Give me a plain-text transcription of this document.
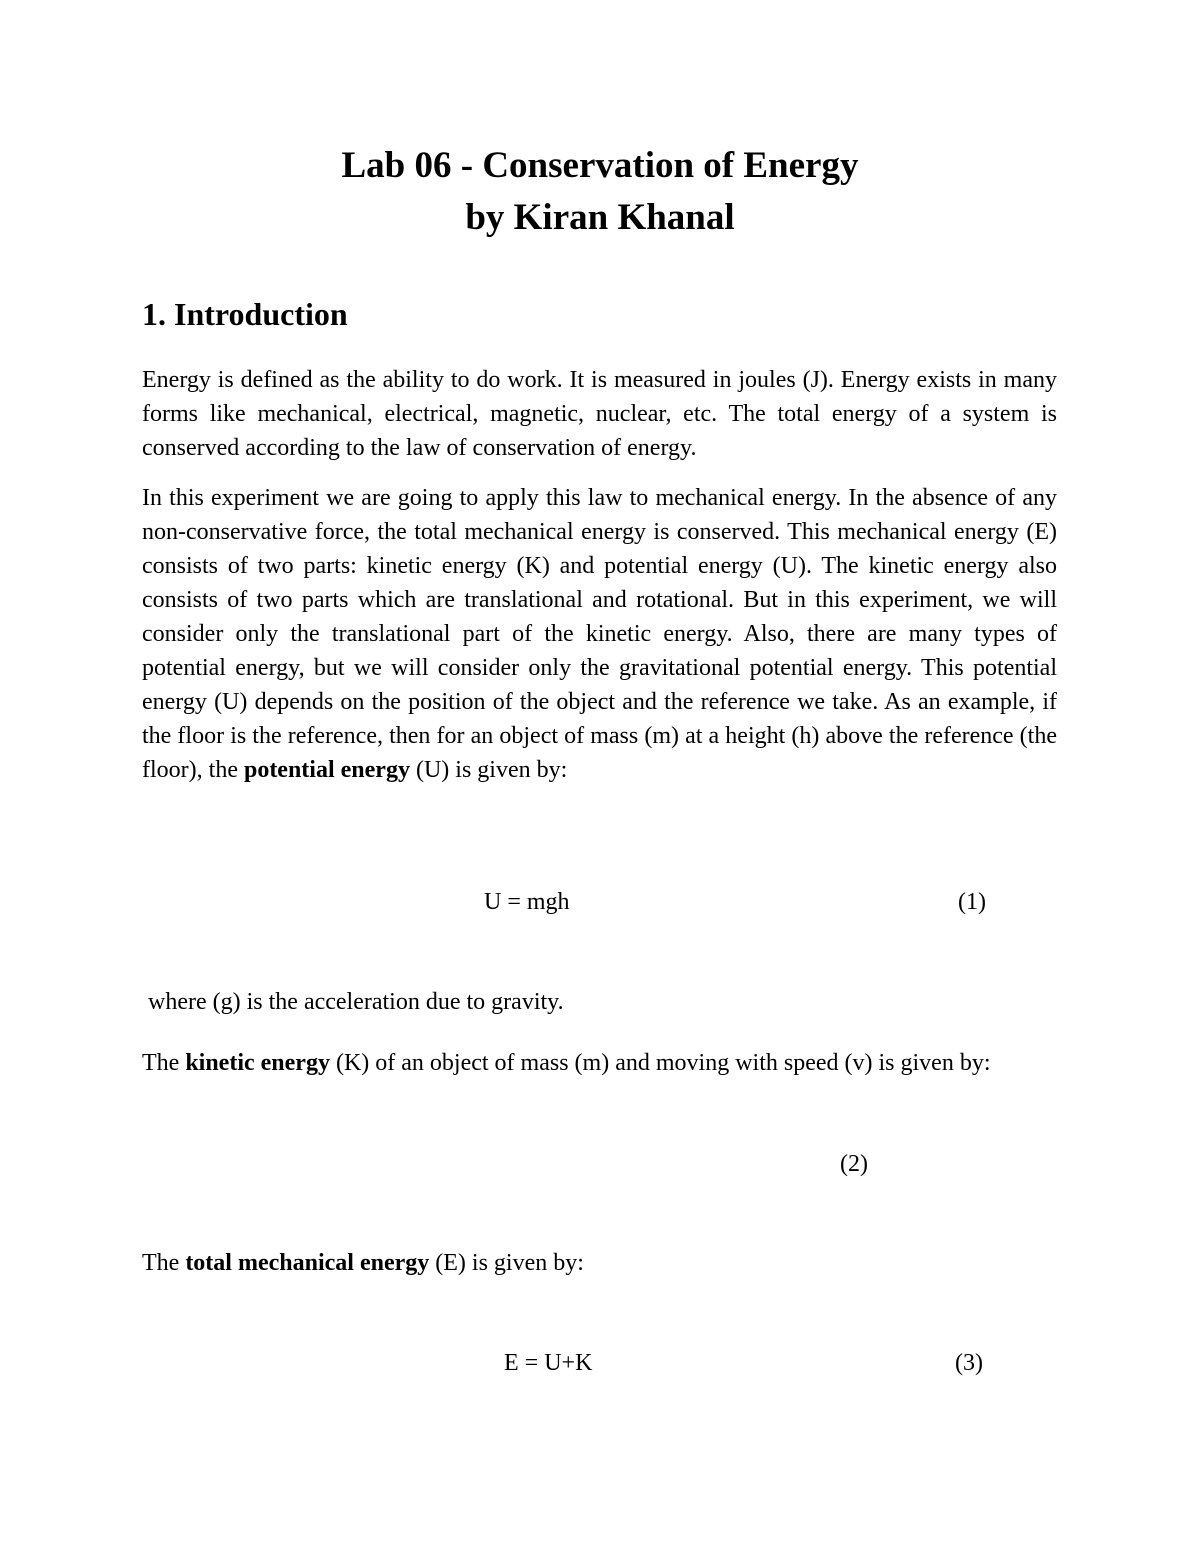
Lab 06 - Conservation of Energy
by Kiran Khanal
1. Introduction

Energy is defined as the ability to do work. It is measured in joules (J). Energy exists in many forms like mechanical, electrical, magnetic, nuclear, etc. The total energy of a system is conserved according to the law of conservation of energy.

In this experiment we are going to apply this law to mechanical energy. In the absence of any non-conservative force, the total mechanical energy is conserved. This mechanical energy (E) consists of two parts: kinetic energy (K) and potential energy (U). The kinetic energy also consists of two parts which are translational and rotational. But in this experiment, we will consider only the translational part of the kinetic energy. Also, there are many types of potential energy, but we will consider only the gravitational potential energy. This potential energy (U) depends on the position of the object and the reference we take. As an example, if the floor is the reference, then for an object of mass (m) at a height (h) above the reference (the floor), the potential energy (U) is given by:

U = mgh	(1)

where (g) is the acceleration due to gravity.

The kinetic energy (K) of an object of mass (m) and moving with speed (v) is given by:

(2)

The total mechanical energy (E) is given by:

E = U+K	(3)
